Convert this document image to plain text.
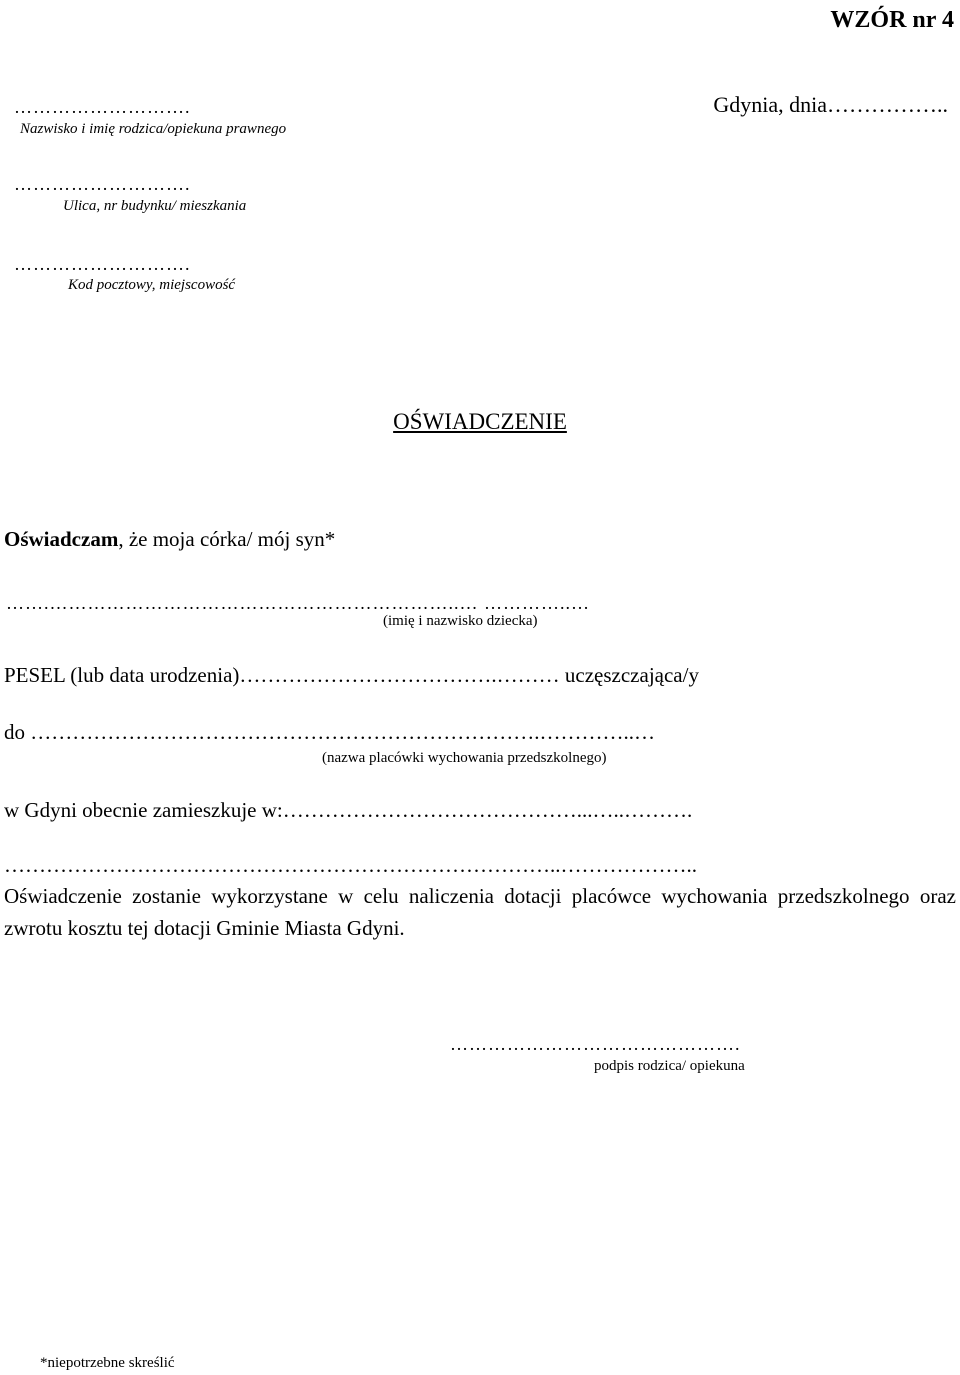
WZÓR nr 4
……………………….
Nazwisko i imię rodzica/opiekuna prawnego
Gdynia, dnia……………..
……………………….
Ulica, nr budynku/ mieszkania
……………………….
Kod pocztowy, miejscowość
OŚWIADCZENIE
Oświadczam, że moja córka/ mój syn*
…….………………………………………………………..… …………..…
(imię i nazwisko dziecka)
PESEL (lub data urodzenia)……………………………….……… uczęszczająca/y
do ……………………………………………………………….…………..…
(nazwa placówki wychowania przedszkolnego)
w Gdyni obecnie zamieszkuje w:……………………………………...…..……….
……………………………………………………………………..………………..
Oświadczenie zostanie wykorzystane w celu naliczenia dotacji placówce wychowania przedszkolnego oraz zwrotu kosztu tej dotacji Gminie Miasta Gdyni.
……………………………………….
podpis rodzica/ opiekuna
*niepotrzebne skreślić
